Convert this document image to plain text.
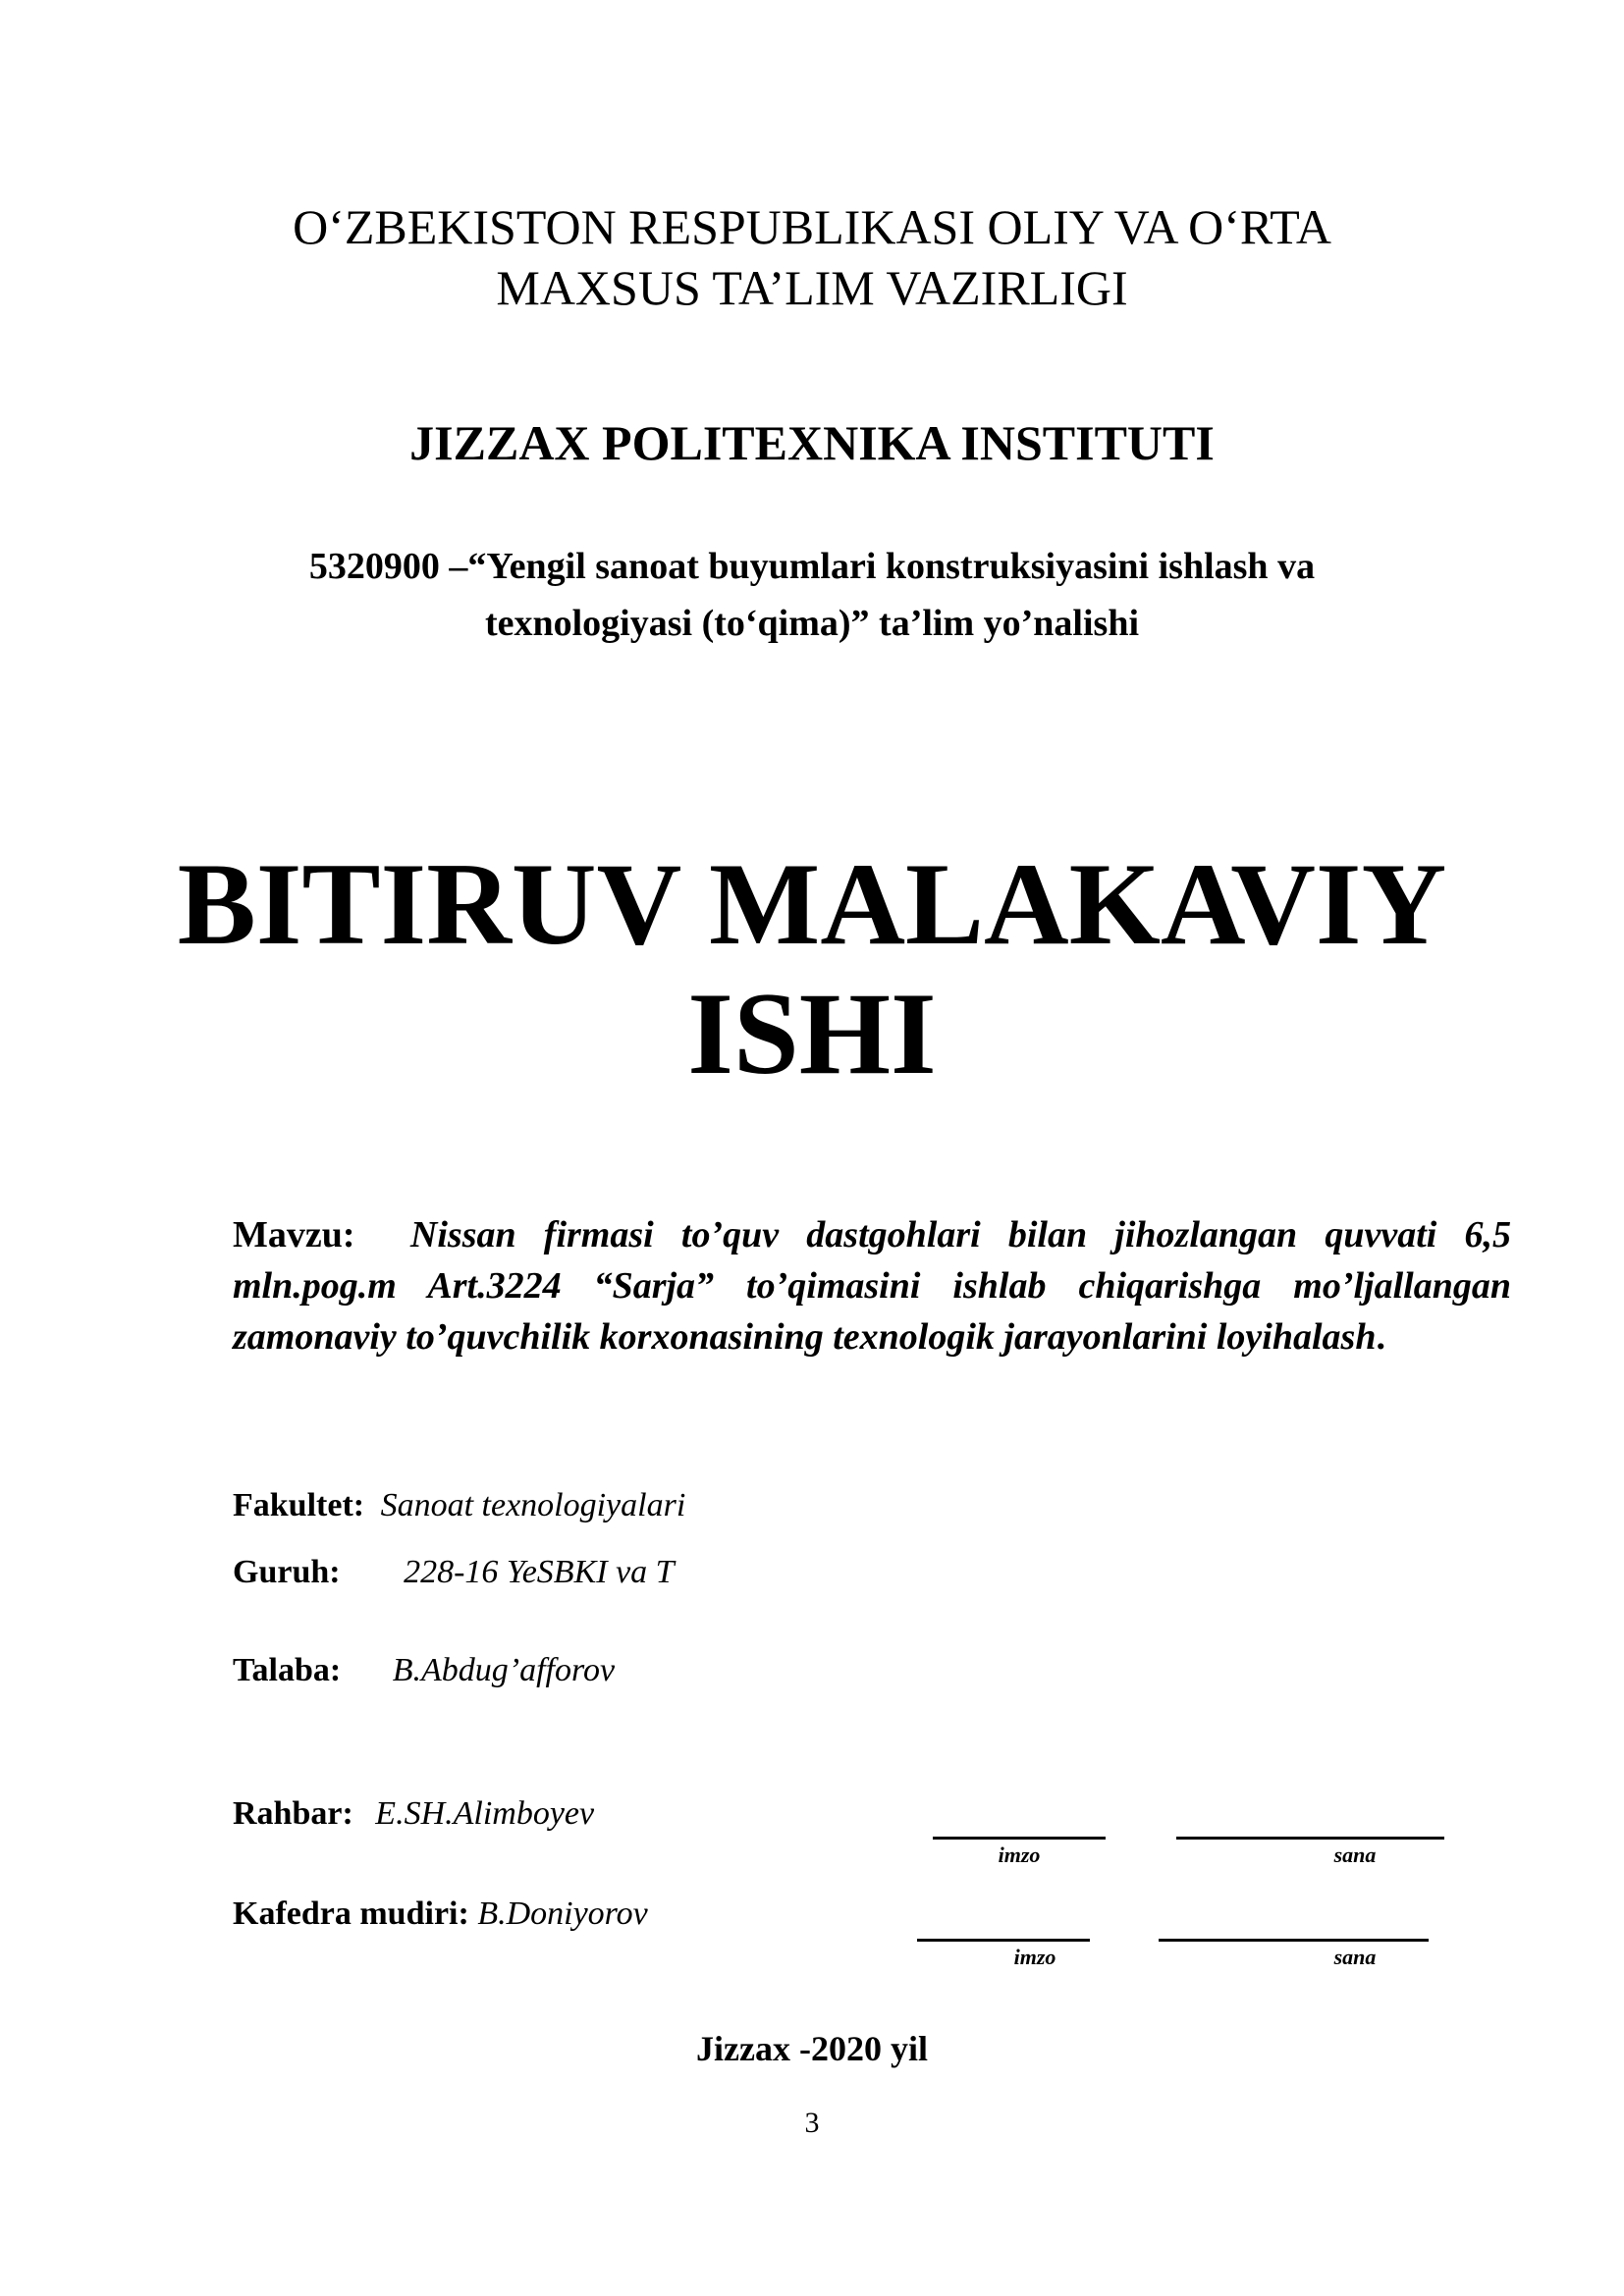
O‘ZBEKISTON RESPUBLIKASI OLIY VA O‘RTA
MAXSUS TA’LIM VAZIRLIGI
JIZZAX POLITEXNIKA INSTITUTI
5320900 –“Yengil sanoat buyumlari konstruksiyasini ishlash va
texnologiyasi (to‘qima)” ta’lim yo’nalishi
BITIRUV MALAKAVIY
ISHI
Mavzu: Nissan firmasi to’quv dastgohlari bilan jihozlangan quvvati 6,5 mln.pog.m Art.3224 “Sarja” to’qimasini ishlab chiqarishga mo’ljallangan zamonaviy to’quvchilik korxonasining texnologik jarayonlarini loyihalash.
Fakultet: Sanoat texnologiyalari
Guruh: 228-16 YeSBKI va T
Talaba: B.Abdug’afforov
Rahbar: E.SH.Alimboyev
imzo	sana
Kafedra mudiri: B.Doniyorov
imzo	sana
Jizzax -2020 yil
3
